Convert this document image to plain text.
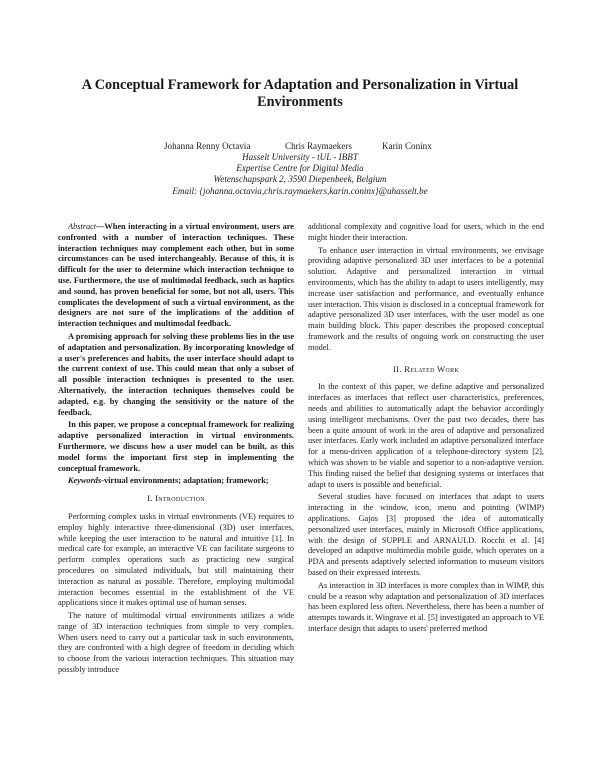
A Conceptual Framework for Adaptation and Personalization in Virtual Environments
Johanna Renny Octavia	Chris Raymaekers	Karin Coninx
Hasselt University - tUL - IBBT
Expertise Centre for Digital Media
Wetenschapspark 2, 3590 Diepenbeek, Belgium
Email: {johanna.octavia,chris.raymaekers,karin.coninx}@uhasselt.be

Abstract—When interacting in a virtual environment, users are confronted with a number of interaction techniques. These interaction techniques may complement each other, but in some circumstances can be used interchangeably. Because of this, it is difficult for the user to determine which interaction technique to use. Furthermore, the use of multimodal feedback, such as haptics and sound, has proven beneficial for some, but not all, users. This complicates the development of such a virtual environment, as the designers are not sure of the implications of the addition of interaction techniques and multimodal feedback.

A promising approach for solving these problems lies in the use of adaptation and personalization. By incorporating knowledge of a user's preferences and habits, the user interface should adapt to the current context of use. This could mean that only a subset of all possible interaction techniques is presented to the user. Alternatively, the interaction techniques themselves could be adapted, e.g. by changing the sensitivity or the nature of the feedback.

In this paper, we propose a conceptual framework for realizing adaptive personalized interaction in virtual environments. Furthermore, we discuss how a user model can be built, as this model forms the important first step in implementing the conceptual framework.

Keywords-virtual environments; adaptation; framework;

I. Introduction

Performing complex tasks in virtual environments (VE) requires to employ highly interactive three-dimensional (3D) user interfaces, while keeping the user interaction to be natural and intuitive [1]. In medical care for example, an interactive VE can facilitate surgeons to perform complex operations such as practicing new surgical procedures on simulated individuals, but still maintaining their interaction as natural as possible. Therefore, employing multimodal interaction becomes essential in the establishment of the VE applications since it makes optimal use of human senses.

The nature of multimodal virtual environments utilizes a wide range of 3D interaction techniques from simple to very complex. When users need to carry out a particular task in such environments, they are confronted with a high degree of freedom in deciding which to choose from the various interaction techniques. This situation may possibly introduce

additional complexity and cognitive load for users, which in the end might hinder their interaction.

To enhance user interaction in virtual environments, we envisage providing adaptive personalized 3D user interfaces to be a potential solution. Adaptive and personalized interaction in virtual environments, which has the ability to adapt to users intelligently, may increase user satisfaction and performance, and eventually enhance user interaction. This vision is disclosed in a conceptual framework for adaptive personalized 3D user interfaces, with the user model as one main building block. This paper describes the proposed conceptual framework and the results of ongoing work on constructing the user model.

II. Related Work

In the context of this paper, we define adaptive and personalized interfaces as interfaces that reflect user characteristics, preferences, needs and abilities to automatically adapt the behavior accordingly using intelligent mechanisms. Over the past two decades, there has been a quite amount of work in the area of adaptive and personalized user interfaces. Early work included an adaptive personalized interface for a menu-driven application of a telephone-directory system [2], which was shown to be viable and superior to a non-adaptive version. This finding raised the belief that designing systems or interfaces that adapt to users is possible and beneficial.

Several studies have focused on interfaces that adapt to users interacting in the window, icon, menu and pointing (WIMP) applications. Gajos [3] proposed the idea of automatically personalized user interfaces, mainly in Microsoft Office applications, with the design of SUPPLE and ARNAULD. Rocchi et al. [4] developed an adaptive multimedia mobile guide, which operates on a PDA and presents adaptively selected information to museum visitors based on their expressed interests.

As interaction in 3D interfaces is more complex than in WIMP, this could be a reason why adaptation and personalization of 3D interfaces has been explored less often. Nevertheless, there has been a number of attempts towards it. Wingrave et al. [5] investigated an approach to VE interface design that adapts to users' preferred method
